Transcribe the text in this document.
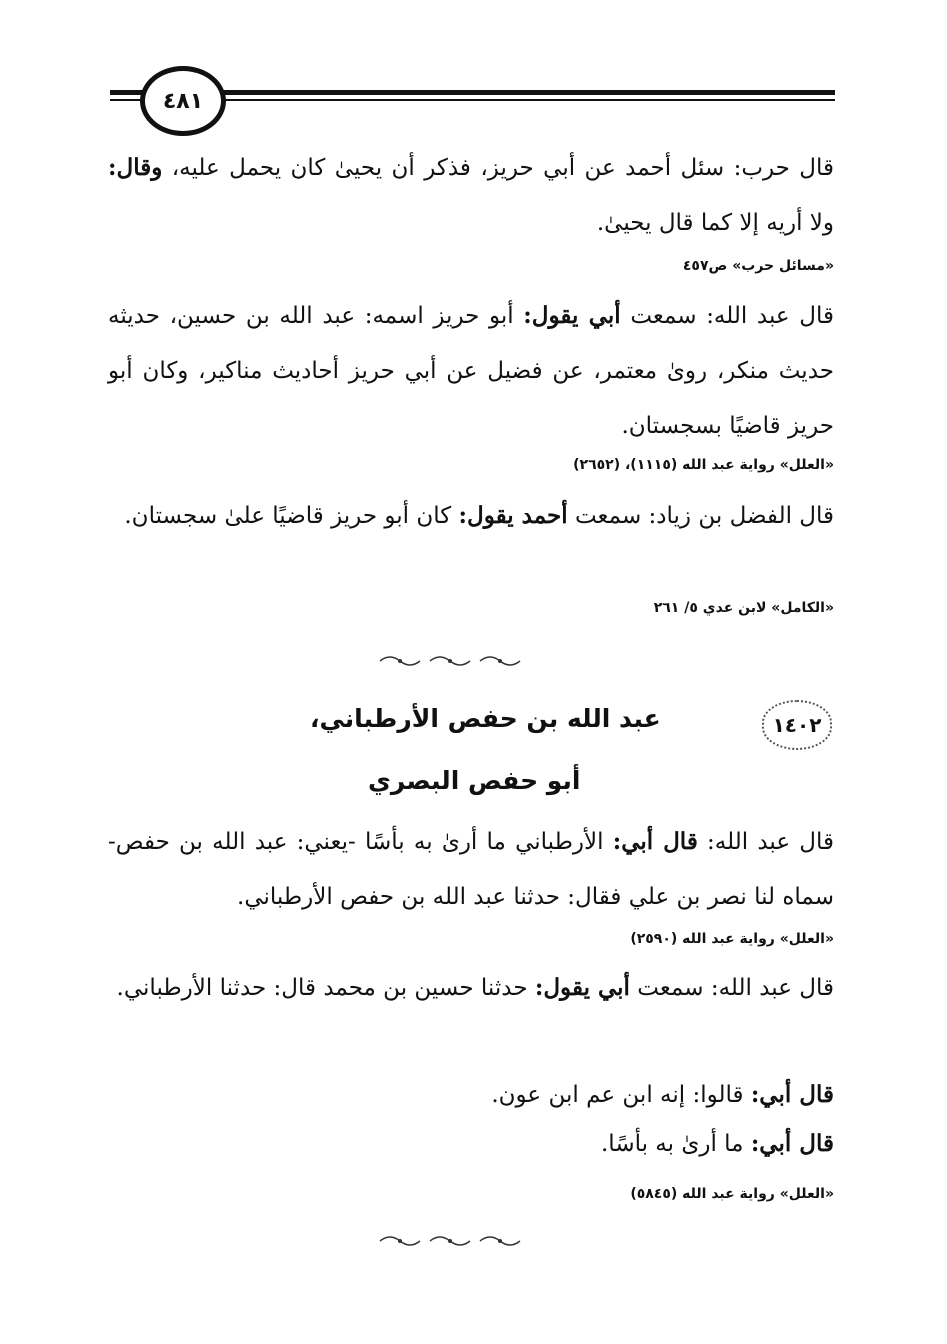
٤٨١
قال حرب: سئل أحمد عن أبي حريز، فذكر أن يحيىٰ كان يحمل عليه، وقال: ولا أريه إلا كما قال يحيىٰ.
«مسائل حرب» ص٤٥٧
قال عبد الله: سمعت أبي يقول: أبو حريز اسمه: عبد الله بن حسين، حديثه حديث منكر، رویٰ معتمر، عن فضيل عن أبي حريز أحاديث مناكير، وكان أبو حريز قاضيًا بسجستان.
«العلل» رواية عبد الله (١١١٥)، (٢٦٥٢)
قال الفضل بن زياد: سمعت أحمد يقول: كان أبو حريز قاضيًا علىٰ سجستان.
«الكامل» لابن عدي ٥/ ٢٦١
١٤٠٢
عبد الله بن حفص الأرطباني،
أبو حفص البصري
قال عبد الله: قال أبي: الأرطباني ما أرىٰ به بأسًا -يعني: عبد الله بن حفص- سماه لنا نصر بن علي فقال: حدثنا عبد الله بن حفص الأرطباني.
«العلل» رواية عبد الله (٢٥٩٠)
قال عبد الله: سمعت أبي يقول: حدثنا حسين بن محمد قال: حدثنا الأرطباني.
قال أبي: قالوا: إنه ابن عم ابن عون.
قال أبي: ما أرىٰ به بأسًا.
«العلل» رواية عبد الله (٥٨٤٥)
